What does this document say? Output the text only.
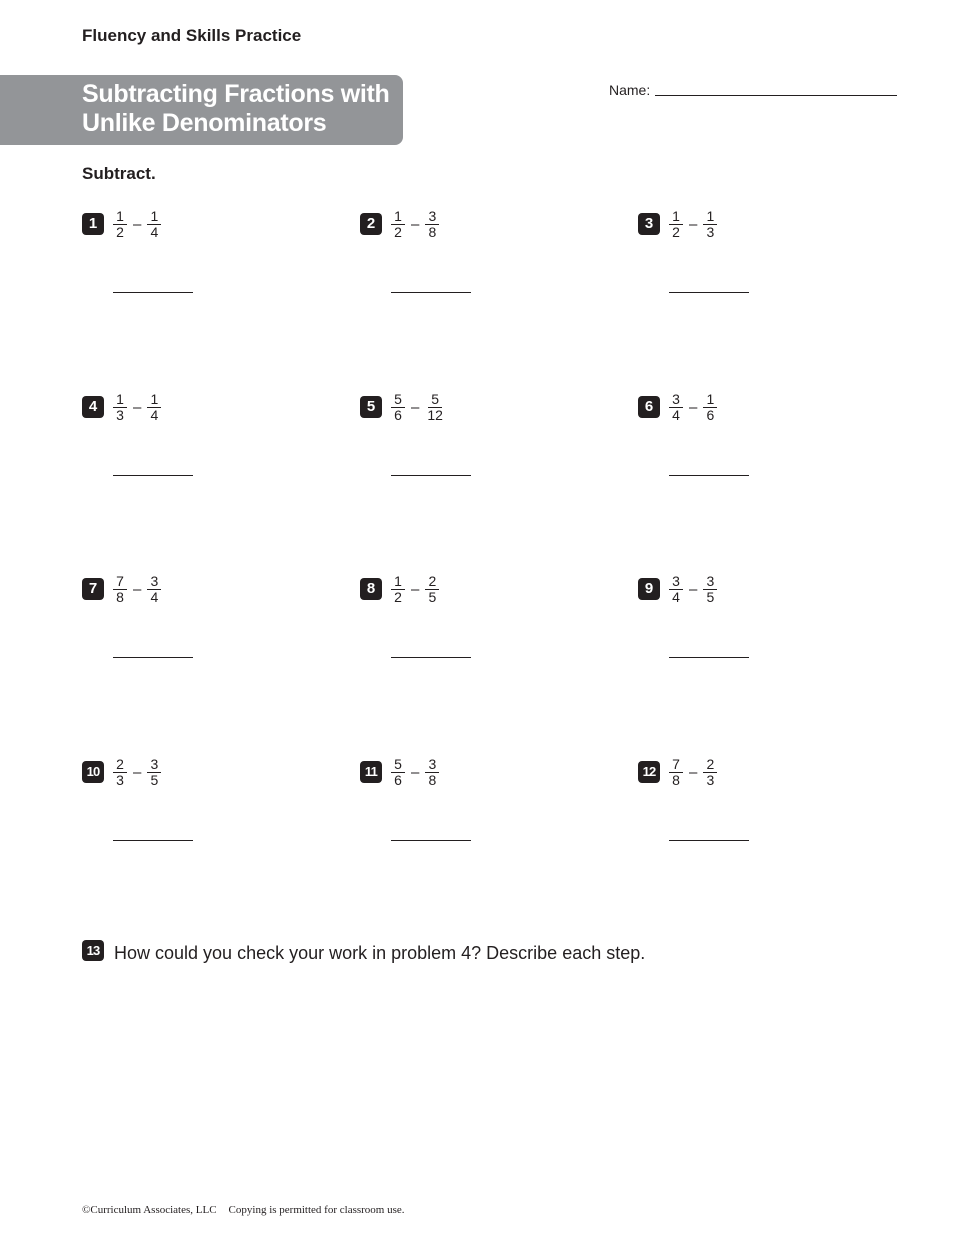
Fluency and Skills Practice
Subtracting Fractions with
Unlike Denominators
Name:
Subtract.
1	$\frac{1}{2} - \frac{1}{4}$	2	$\frac{1}{2} - \frac{3}{8}$	3	$\frac{1}{2} - \frac{1}{3}$
4	$\frac{1}{3} - \frac{1}{4}$	5	$\frac{5}{6} - \frac{5}{12}$	6	$\frac{3}{4} - \frac{1}{6}$
7	$\frac{7}{8} - \frac{3}{4}$	8	$\frac{1}{2} - \frac{2}{5}$	9	$\frac{3}{4} - \frac{3}{5}$
$10 \frac{2}{3} - \frac{3}{5}$	$11 \frac{5}{6} - \frac{3}{8}$	$12 \frac{7}{8} - \frac{2}{3}$
13 How could you check your work in problem 4? Describe each step.
©Curriculum Associates, LLC Copying is permitted for classroom use.
